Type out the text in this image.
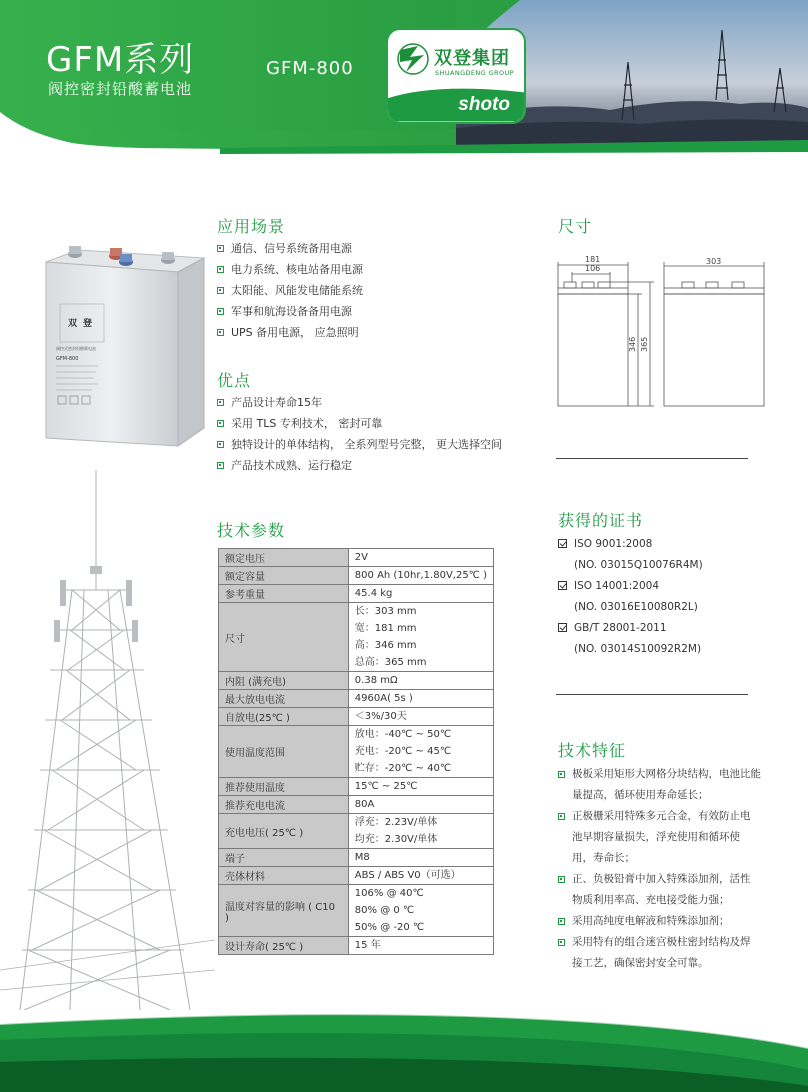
GFM系列
阀控密封铅酸蓄电池
GFM-800	双登集团
SHUANGDENG GROUP
shoto
双 登
阀控式密封铅酸蓄电池
GFM-800
应用场景
通信、信号系统备用电源
电力系统、核电站备用电源
太阳能、风能发电储能系统
军事和航海设备备用电源
UPS 备用电源， 应急照明
优点
产品设计寿命15年
采用 TLS 专利技术， 密封可靠
独特设计的单体结构， 全系列型号完整， 更大选择空间
产品技术成熟、运行稳定
技术参数
额定电压	2V

额定容量	800 Ah (10hr,1.80V,25℃ )

参考重量	45.4 kg

尺寸	长：303 mm
宽：181 mm
高：346 mm
总高：365 mm

内阻 (满充电)	0.38 mΩ

最大放电电流	4960A( 5s )

自放电(25℃ )	＜3%/30天

使用温度范围	放电：-40℃ ~ 50℃
充电：-20℃ ~ 45℃
贮存：-20℃ ~ 40℃

推荐使用温度	15℃ ~ 25℃

推荐充电电流	80A

充电电压( 25℃ )	浮充：2.23V/单体
均充：2.30V/单体

端子	M8

壳体材料	ABS / ABS V0（可选）

温度对容量的影响 ( C10 )	106% @ 40℃
80% @ 0 ℃
50% @ -20 ℃

设计寿命( 25℃ )	15 年
尺寸
181
106
303
346 365
获得的证书
ISO 9001:2008
(NO. 03015Q10076R4M)
ISO 14001:2004
(NO. 03016E10080R2L)
GB/T 28001-2011
(NO. 03014S10092R2M)
技术特征
极板采用矩形大网格分块结构，电池比能
量提高，循环使用寿命延长；
正极栅采用特殊多元合金，有效防止电
池早期容量损失，浮充使用和循环使
用，寿命长；
正、负极铅膏中加入特殊添加剂，活性
物质利用率高、充电接受能力强；
采用高纯度电解液和特殊添加剂；
采用特有的组合迷宫极柱密封结构及焊
接工艺，确保密封安全可靠。
